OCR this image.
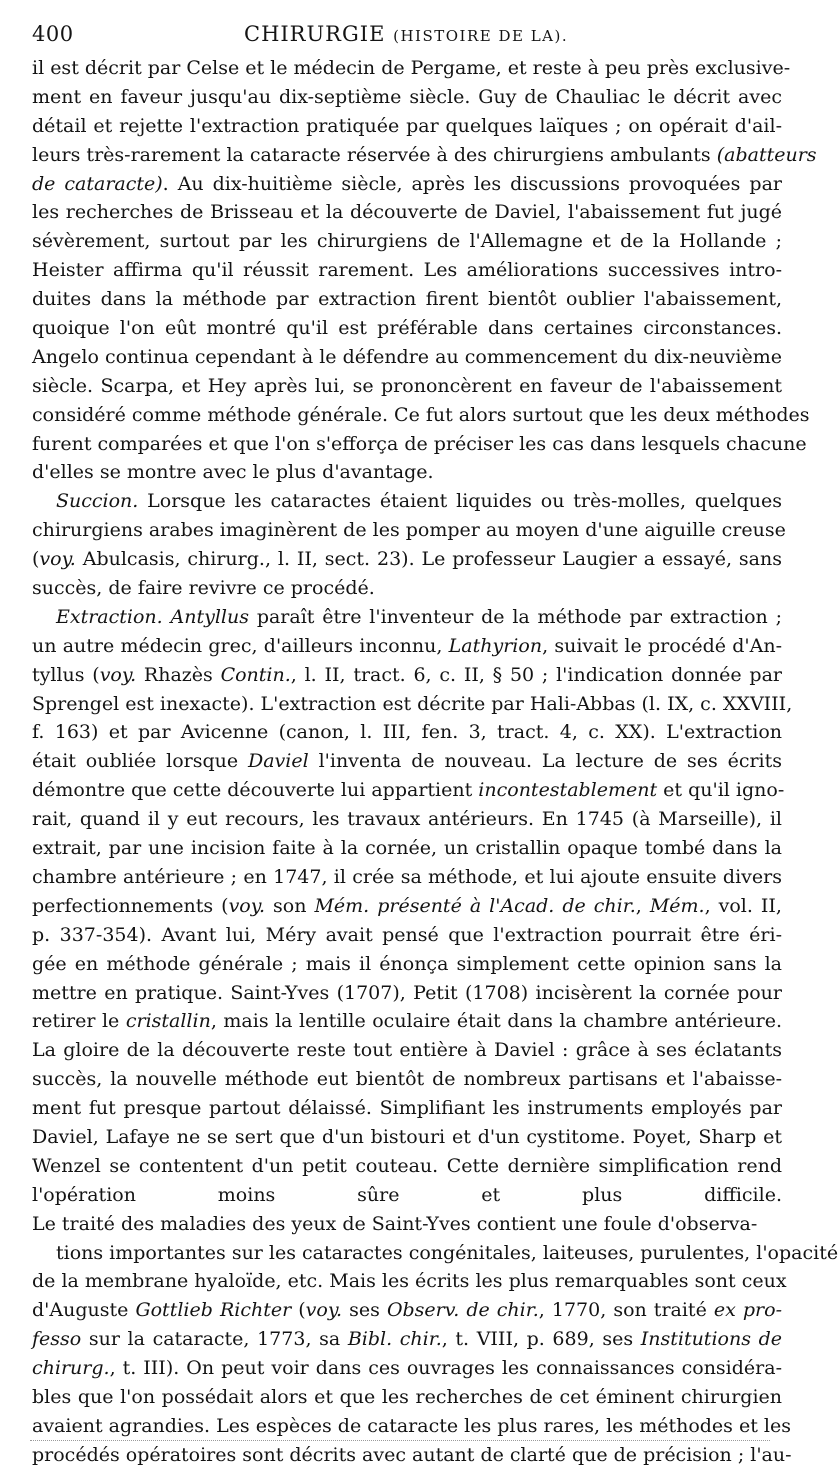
400	CHIRURGIE (HISTOIRE DE LA).
il est décrit par Celse et le médecin de Pergame, et reste à peu près exclusive-
ment en faveur jusqu'au dix-septième siècle. Guy de Chauliac le décrit avec
détail et rejette l'extraction pratiquée par quelques laïques ; on opérait d'ail-
leurs très-rarement la cataracte réservée à des chirurgiens ambulants (abatteurs
de cataracte). Au dix-huitième siècle, après les discussions provoquées par
les recherches de Brisseau et la découverte de Daviel, l'abaissement fut jugé
sévèrement, surtout par les chirurgiens de l'Allemagne et de la Hollande ;
Heister affirma qu'il réussit rarement. Les améliorations successives intro-
duites dans la méthode par extraction firent bientôt oublier l'abaissement,
quoique l'on eût montré qu'il est préférable dans certaines circonstances.
Angelo continua cependant à le défendre au commencement du dix-neuvième
siècle. Scarpa, et Hey après lui, se prononcèrent en faveur de l'abaissement
considéré comme méthode générale. Ce fut alors surtout que les deux méthodes
furent comparées et que l'on s'efforça de préciser les cas dans lesquels chacune
d'elles se montre avec le plus d'avantage.
Succion. Lorsque les cataractes étaient liquides ou très-molles, quelques
chirurgiens arabes imaginèrent de les pomper au moyen d'une aiguille creuse
(voy. Abulcasis, chirurg., l. II, sect. 23). Le professeur Laugier a essayé, sans
succès, de faire revivre ce procédé.
Extraction. Antyllus paraît être l'inventeur de la méthode par extraction ;
un autre médecin grec, d'ailleurs inconnu, Lathyrion, suivait le procédé d'An-
tyllus (voy. Rhazès Contin., l. II, tract. 6, c. II, § 50 ; l'indication donnée par
Sprengel est inexacte). L'extraction est décrite par Hali-Abbas (l. IX, c. XXVIII,
f. 163) et par Avicenne (canon, l. III, fen. 3, tract. 4, c. XX). L'extraction
était oubliée lorsque Daviel l'inventa de nouveau. La lecture de ses écrits
démontre que cette découverte lui appartient incontestablement et qu'il igno-
rait, quand il y eut recours, les travaux antérieurs. En 1745 (à Marseille), il
extrait, par une incision faite à la cornée, un cristallin opaque tombé dans la
chambre antérieure ; en 1747, il crée sa méthode, et lui ajoute ensuite divers
perfectionnements (voy. son Mém. présenté à l'Acad. de chir., Mém., vol. II,
p. 337-354). Avant lui, Méry avait pensé que l'extraction pourrait être éri-
gée en méthode générale ; mais il énonça simplement cette opinion sans la
mettre en pratique. Saint-Yves (1707), Petit (1708) incisèrent la cornée pour
retirer le cristallin, mais la lentille oculaire était dans la chambre antérieure.
La gloire de la découverte reste tout entière à Daviel : grâce à ses éclatants
succès, la nouvelle méthode eut bientôt de nombreux partisans et l'abaisse-
ment fut presque partout délaissé. Simplifiant les instruments employés par
Daviel, Lafaye ne se sert que d'un bistouri et d'un cystitome. Poyet, Sharp et
Wenzel se contentent d'un petit couteau. Cette dernière simplification rend
l'opération moins sûre et plus difficile.
Le traité des maladies des yeux de Saint-Yves contient une foule d'observa-
tions importantes sur les cataractes congénitales, laiteuses, purulentes, l'opacité
de la membrane hyaloïde, etc. Mais les écrits les plus remarquables sont ceux
d'Auguste Gottlieb Richter (voy. ses Observ. de chir., 1770, son traité ex pro-
fesso sur la cataracte, 1773, sa Bibl. chir., t. VIII, p. 689, ses Institutions de
chirurg., t. III). On peut voir dans ces ouvrages les connaissances considéra-
bles que l'on possédait alors et que les recherches de cet éminent chirurgien
avaient agrandies. Les espèces de cataracte les plus rares, les méthodes et les
procédés opératoires sont décrits avec autant de clarté que de précision ; l'au-
